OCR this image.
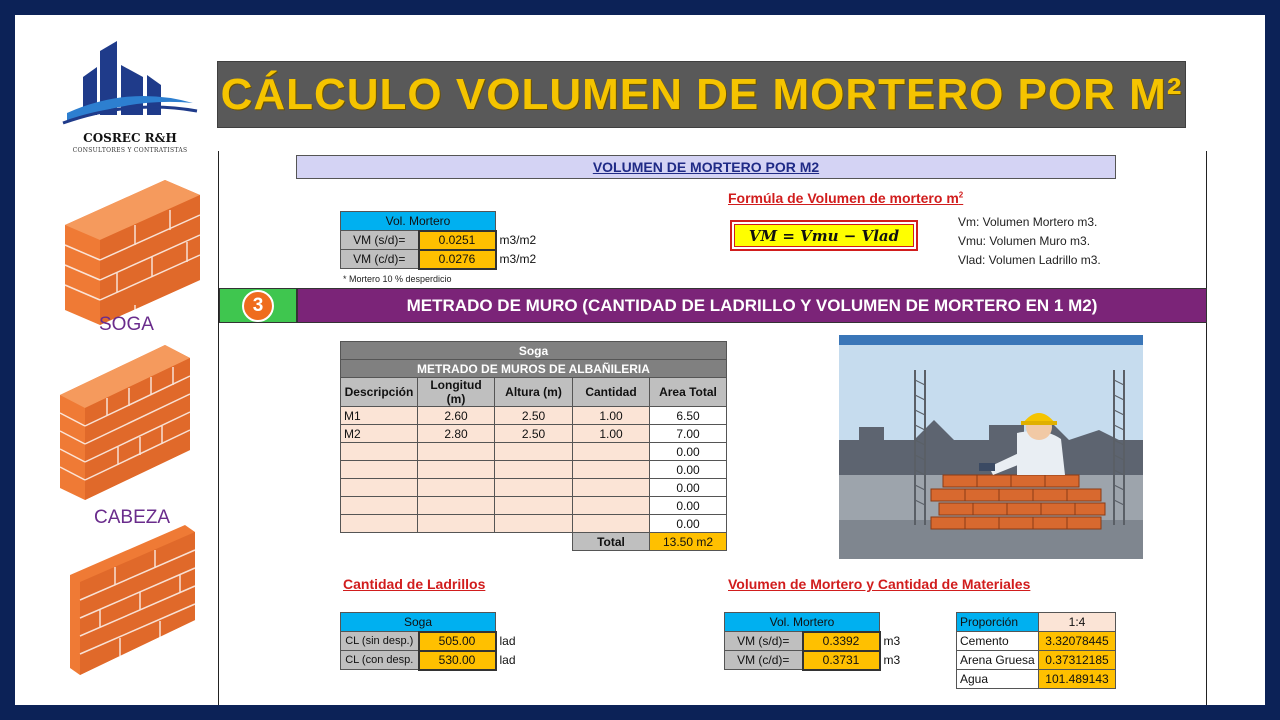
COSREC R&H
CONSULTORES Y CONTRATISTAS
CÁLCULO VOLUMEN DE MORTERO POR M²
SOGA
CABEZA
VOLUMEN DE MORTERO POR M2
Vol. Mortero		
VM (s/d)=	0.0251	m3/m2
VM (c/d)=	0.0276	m3/m2
* Mortero 10 % desperdicio
Formúla de Volumen de mortero $m^2$
VM = Vmu − Vlad
Vm: Volumen Mortero m3.
Vmu: Volumen Muro m3.
Vlad: Volumen Ladrillo m3.
3	METRADO DE MURO (CANTIDAD DE LADRILLO Y VOLUMEN DE MORTERO EN 1 M2)
Soga				
METRADO DE MUROS DE ALBAÑILERIA				
Descripción	Longitud (m)	Altura (m)	Cantidad	Area Total
M1	2.60	2.50	1.00	6.50
M2	2.80	2.50	1.00	7.00
				0.00
				0.00
				0.00
				0.00
				0.00
			Total	13.50 m2
Cantidad de Ladrillos
Soga		
CL (sin desp.)	505.00	lad
CL (con desp.	530.00	lad
Volumen de Mortero y Cantidad de Materiales
Vol. Mortero		
VM (s/d)=	0.3392	m3
VM (c/d)=	0.3731	m3
Proporción	1:4
Cemento	3.32078445
Arena Gruesa	0.37312185
Agua	101.489143
